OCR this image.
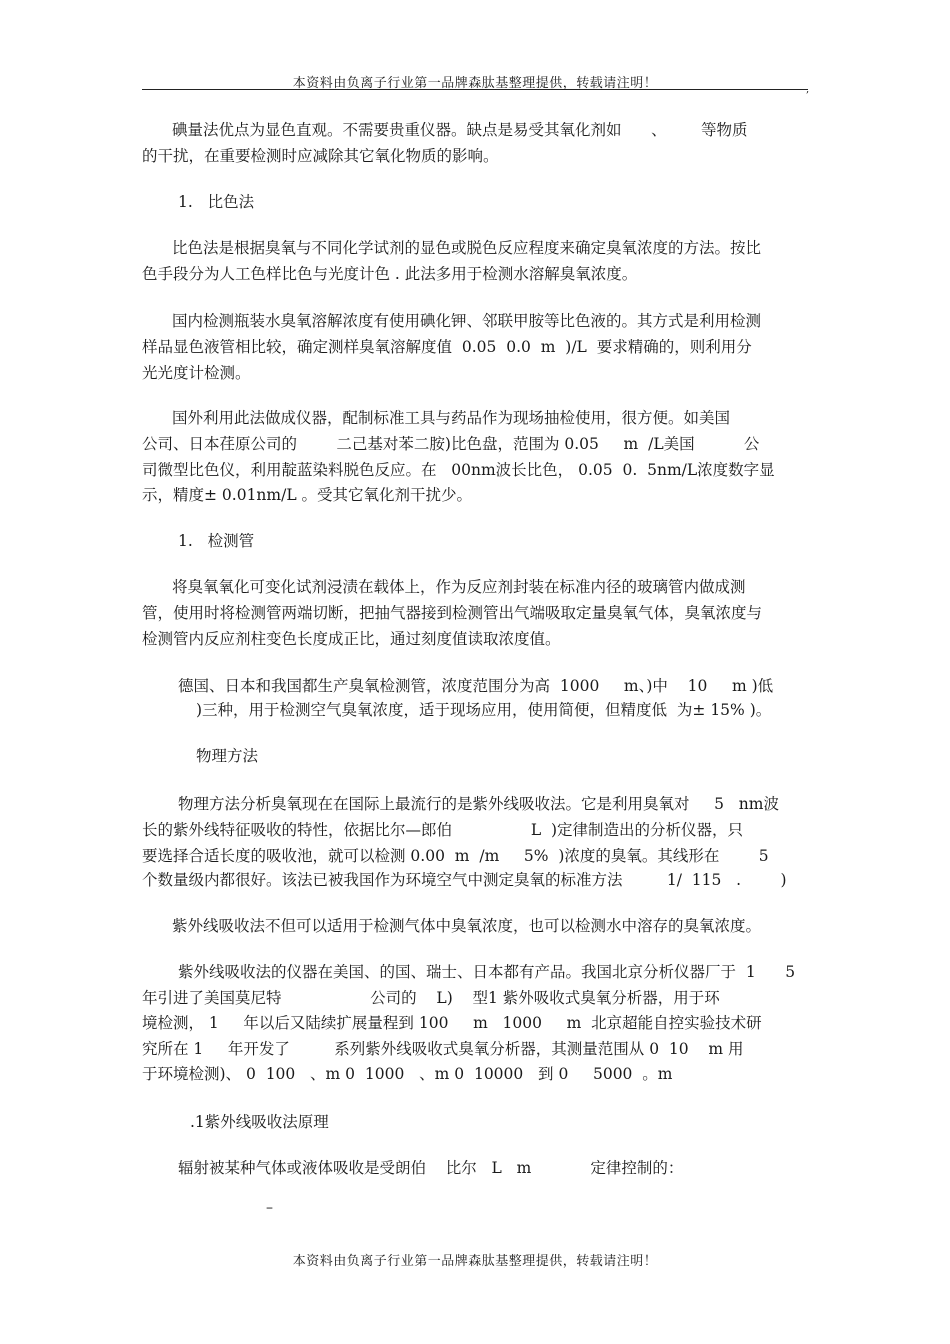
本资料由负离子行业第一品牌森肽基整理提供，转载请注明！	,
碘量法优点为显色直观。不需要贵重仪器。缺点是易受其氧化剂如      、       等物质
的干扰，在重要检测时应减除其它氧化物质的影响。
1.   比色法
比色法是根据臭氧与不同化学试剂的显色或脱色反应程度来确定臭氧浓度的方法。按比
色手段分为人工色样比色与光度计色 . 此法多用于检测水溶解臭氧浓度。
国内检测瓶装水臭氧溶解浓度有使用碘化钾、邻联甲胺等比色液的。其方式是利用检测
样品显色液管相比较，确定测样臭氧溶解度值  0.05  0.0  m  )/L  要求精确的，则利用分
光光度计检测。
国外利用此法做成仪器，配制标准工具与药品作为现场抽检使用，很方便。如美国
公司、日本荏原公司的        二己基对苯二胺)比色盘，范围为 0.05     m  /L美国          公
司微型比色仪，利用靛蓝染料脱色反应。在   00nm波长比色， 0.05  0.  5nm/L浓度数字显
示，精度± 0.01nm/L 。受其它氧化剂干扰少。
1.   检测管
将臭氧氧化可变化试剂浸渍在载体上，作为反应剂封装在标准内径的玻璃管内做成测
管，使用时将检测管两端切断，把抽气器接到检测管出气端吸取定量臭氧气体，臭氧浓度与
检测管内反应剂柱变色长度成正比，通过刻度值读取浓度值。
德国、日本和我国都生产臭氧检测管，浓度范围分为高  1000     m、)中    10     m )低
)三种，用于检测空气臭氧浓度，适于现场应用，使用简便，但精度低  为± 15% )。
物理方法
物理方法分析臭氧现在在国际上最流行的是紫外线吸收法。它是利用臭氧对     5   nm波
长的紫外线特征吸收的特性，依据比尔—郎伯                L  )定律制造出的分析仪器，只
要选择合适长度的吸收池，就可以检测 0.00  m  /m     5%  )浓度的臭氧。其线形在        5
个数量级内都很好。该法已被我国作为环境空气中测定臭氧的标准方法         1/  115   .        )
紫外线吸收法不但可以适用于检测气体中臭氧浓度，也可以检测水中溶存的臭氧浓度。
紫外线吸收法的仪器在美国、的国、瑞士、日本都有产品。我国北京分析仪器厂于  1      5
年引进了美国莫尼特                  公司的    L)    型1 紫外吸收式臭氧分析器，用于环
境检测， 1     年以后又陆续扩展量程到 100     m   1000     m  北京超能自控实验技术研
究所在 1     年开发了         系列紫外线吸收式臭氧分析器，其测量范围从 0  10    m 用
于环境检测)、 0  100   、m 0  1000   、m 0  10000   到 0     5000  。m
.1紫外线吸收法原理
辐射被某种气体或液体吸收是受朗伯    比尔   L   m            定律控制的：
–
本资料由负离子行业第一品牌森肽基整理提供，转载请注明！
